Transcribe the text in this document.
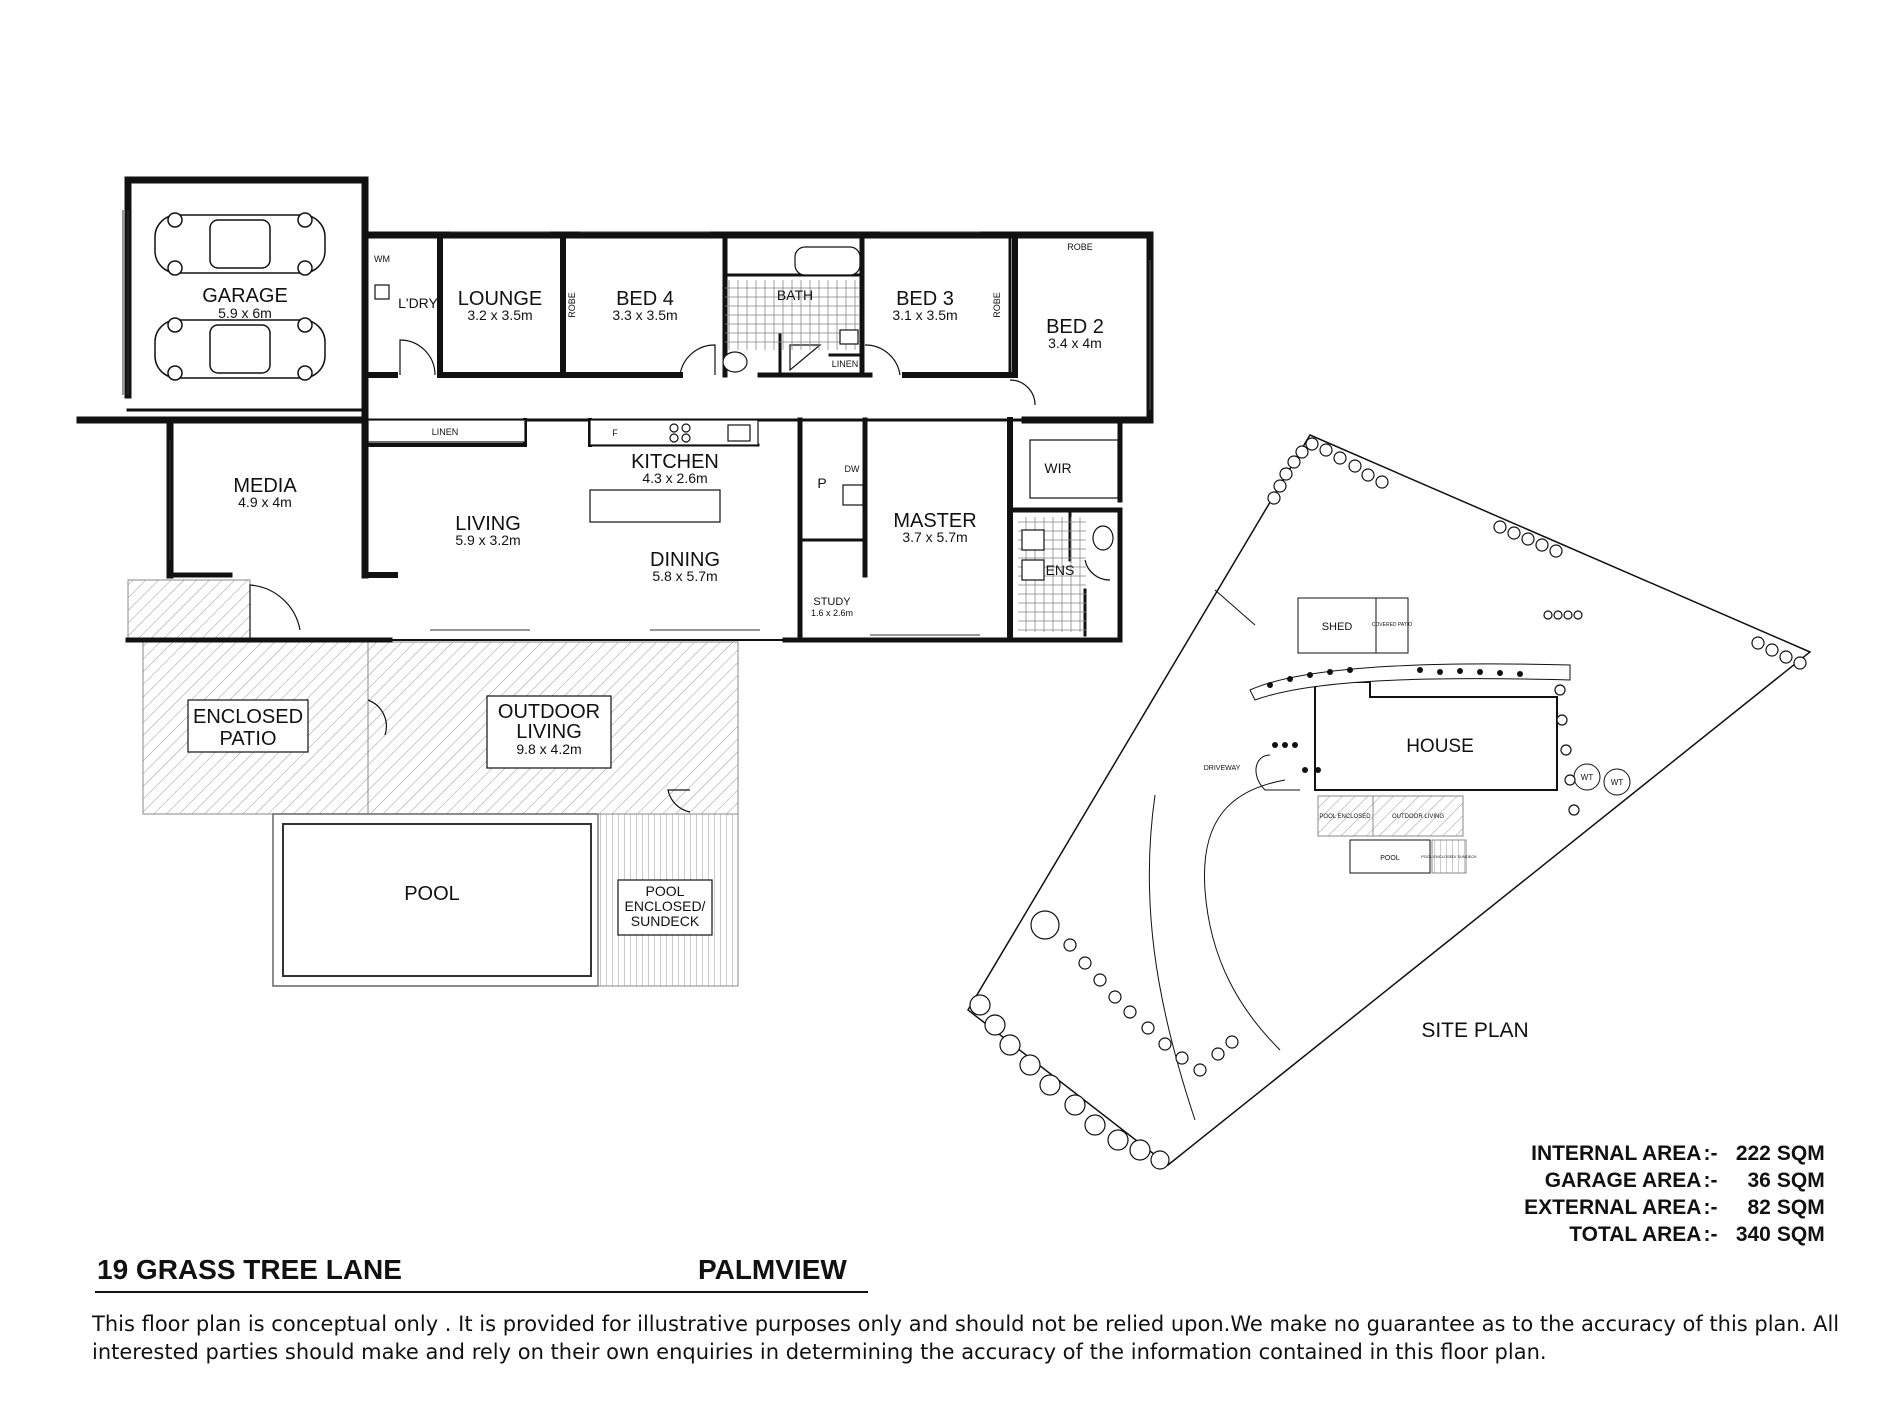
GARAGE
5.9 x 6m
L'DRY
WM
LOUNGE
3.2 x 3.5m
BED 4
3.3 x 3.5m
ROBE	BATH
LINEN
BED 3
3.1 x 3.5m	ROBE
BED 2
3.4 x 4m
ROBE
LINEN
MEDIA
4.9 x 4m
KITCHEN
4.3 x 2.6m
F
LIVING
5.9 x 3.2m
DINING
5.8 x 5.7m
P
DW
STUDY
1.6 x 2.6m
MASTER
3.7 x 5.7m
WIR
ENS
ENCLOSED
PATIO
OUTDOOR
LIVING
9.8 x 4.2m
POOL	POOL
ENCLOSED/
SUNDECK
HOUSE
SHED	COVERED PATIO
DRIVEWAY
POOL ENCLOSED	OUTDOOR LIVING
POOL	POOL ENCLOSED/ SUNDECK
WT
WT
SITE PLAN
INTERNAL AREA :- 222 SQM
GARAGE AREA :-	36 SQM
EXTERNAL AREA :-	82 SQM
TOTAL AREA :- 340 SQM
19 GRASS TREE LANE	PALMVIEW
This floor plan is conceptual only . It is provided for illustrative purposes only and should not be relied upon.We make no guarantee as to the accuracy of this plan. All interested parties should make and rely on their own enquiries in determining the accuracy of the information contained in this floor plan.
